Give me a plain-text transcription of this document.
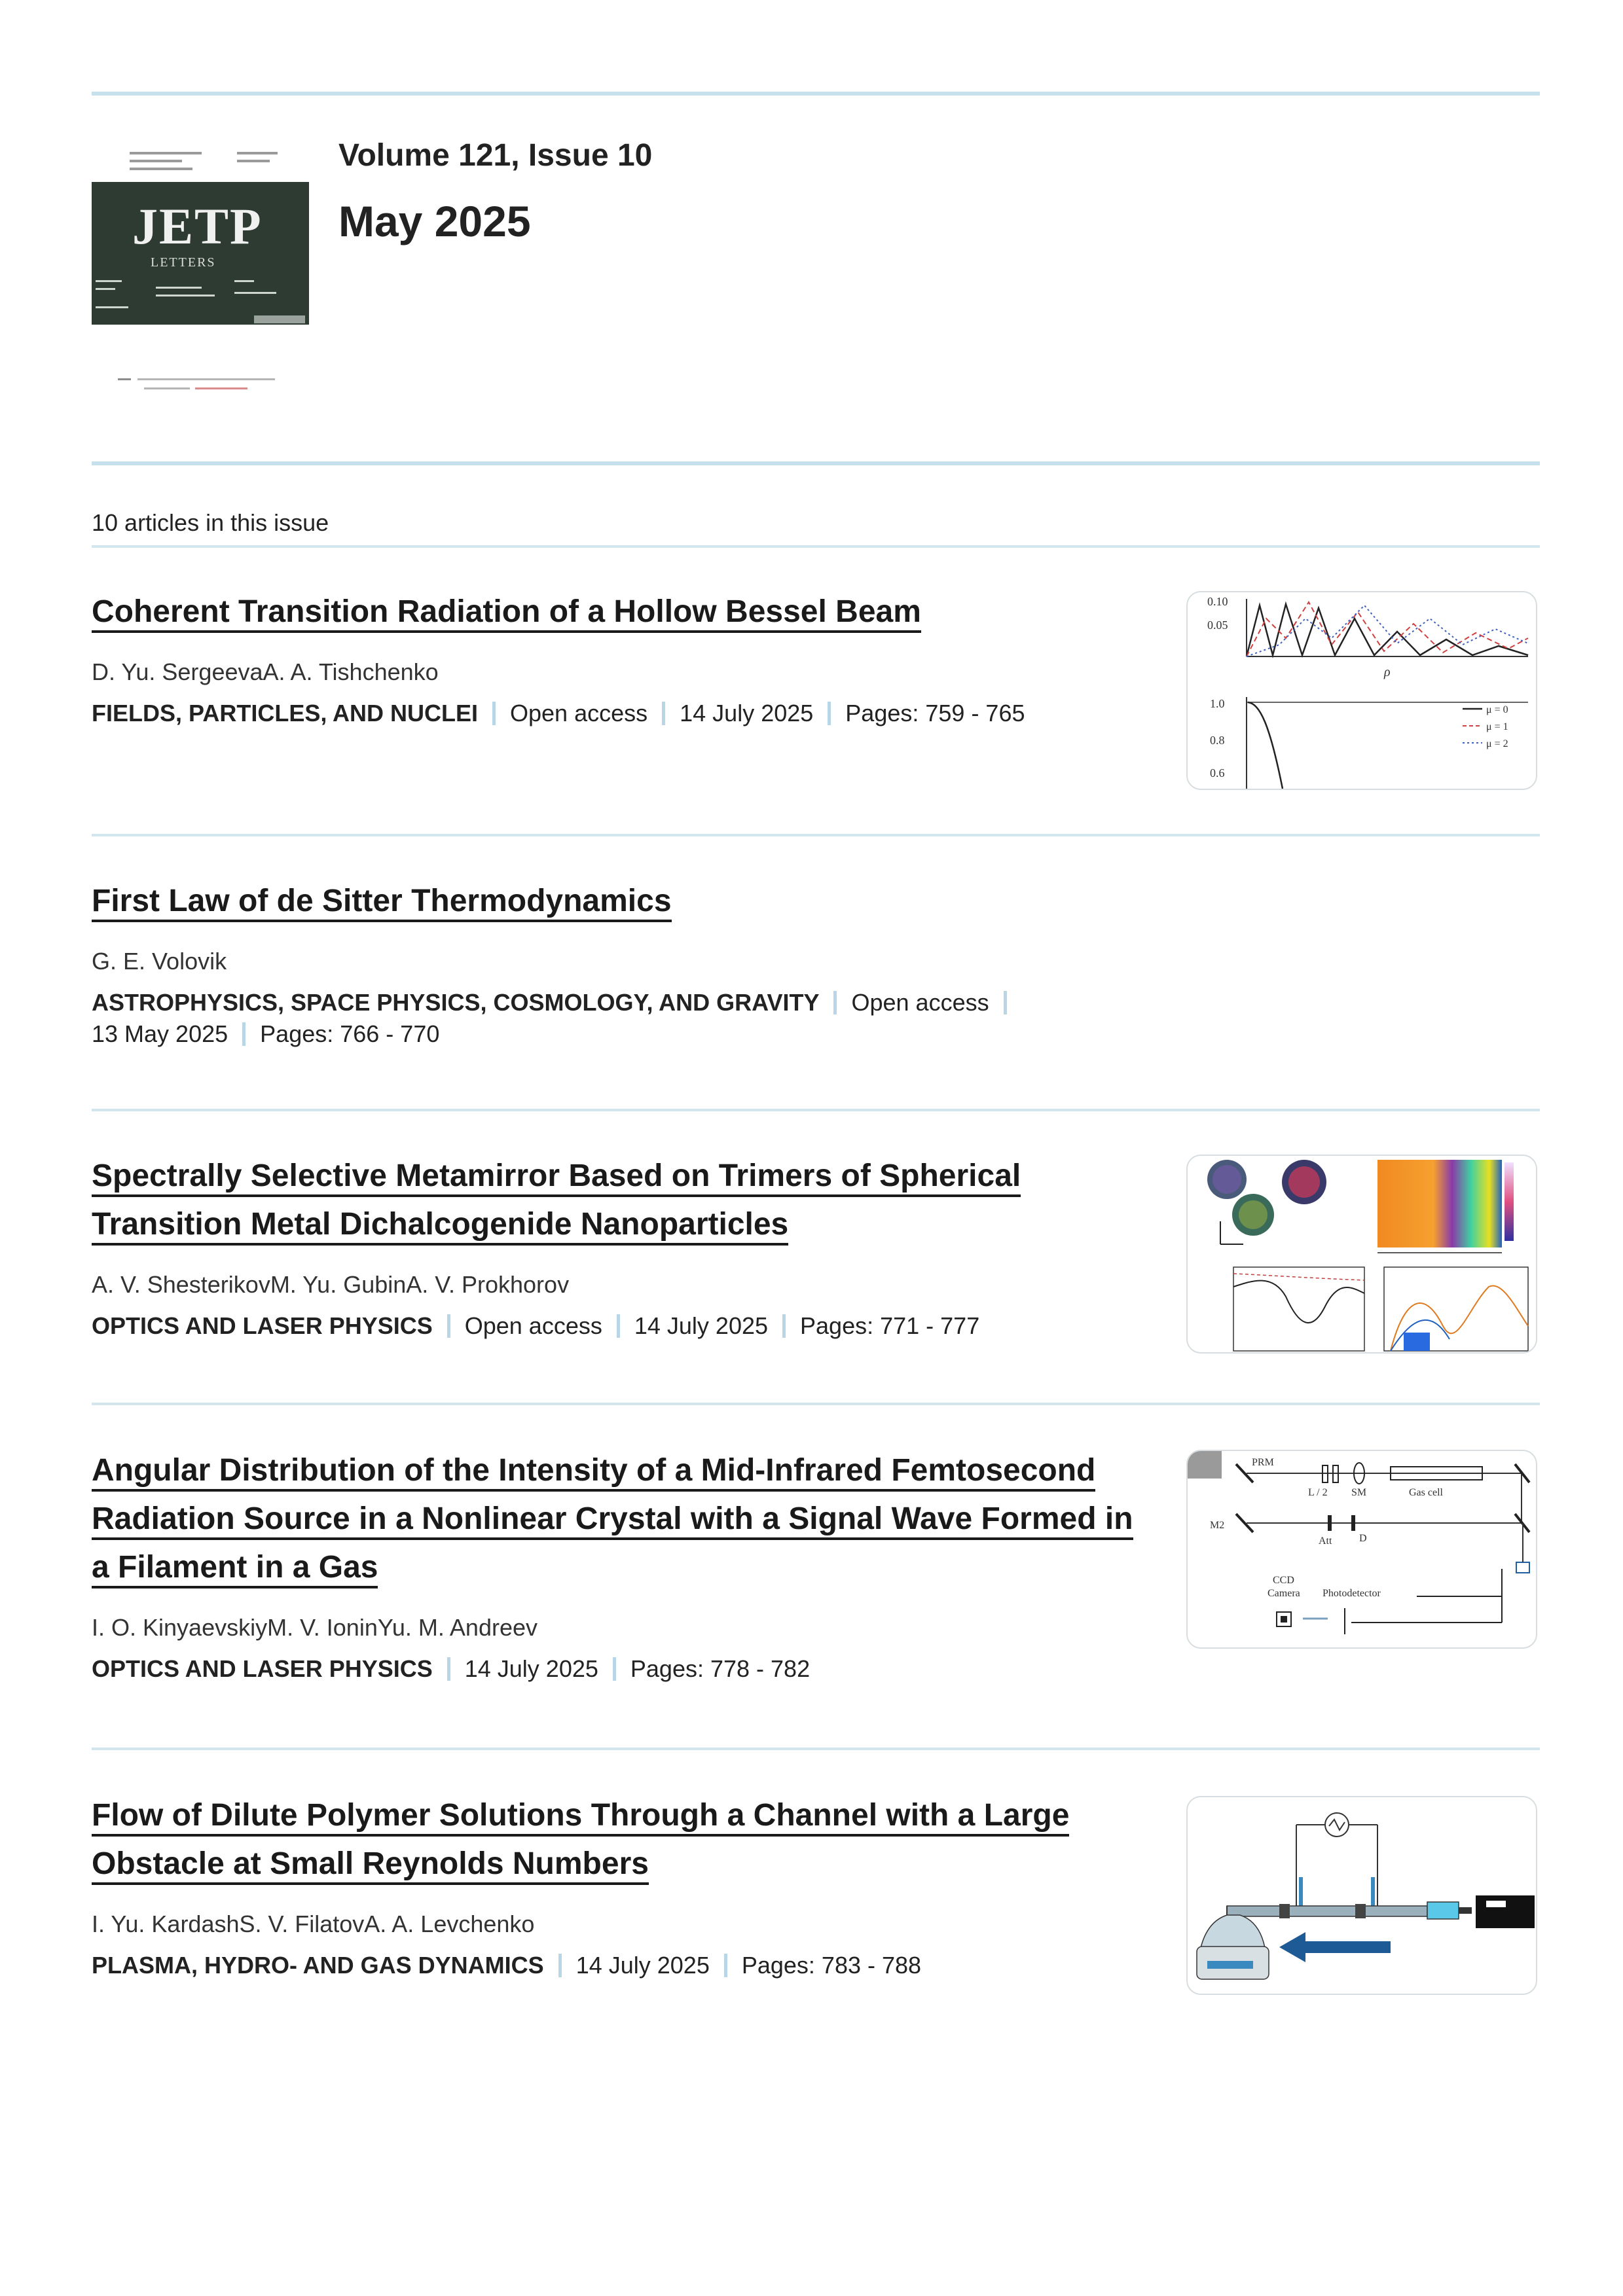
JETP
LETTERS
Volume 121, Issue 10
May 2025
10 articles in this issue
Coherent Transition Radiation of a Hollow Bessel Beam
D. Yu. SergeevaA. A. Tishchenko
FIELDS, PARTICLES, AND NUCLEI Open access 14 July 2025 Pages: 759 - 765
0.10
0.05
ρ
1.0
0.8
0.6
μ = 0
μ = 1
μ = 2
First Law of de Sitter Thermodynamics
G. E. Volovik
ASTROPHYSICS, SPACE PHYSICS, COSMOLOGY, AND GRAVITY Open access
13 May 2025 Pages: 766 - 770
Spectrally Selective Metamirror Based on Trimers of Spherical Transition Metal Dichalcogenide Nanoparticles
A. V. ShesterikovM. Yu. GubinA. V. Prokhorov
OPTICS AND LASER PHYSICS Open access 14 July 2025 Pages: 771 - 777
Angular Distribution of the Intensity of a Mid-Infrared Femtosecond Radiation Source in a Nonlinear Crystal with a Signal Wave Formed in a Filament in a Gas
I. O. KinyaevskiyM. V. IoninYu. M. Andreev
OPTICS AND LASER PHYSICS 14 July 2025 Pages: 778 - 782
PRM
L / 2 SM	Gas cell
M2
Att	D
CCD
Camera Photodetector
Flow of Dilute Polymer Solutions Through a Channel with a Large Obstacle at Small Reynolds Numbers
I. Yu. KardashS. V. FilatovA. A. Levchenko
PLASMA, HYDRO- AND GAS DYNAMICS 14 July 2025 Pages: 783 - 788
